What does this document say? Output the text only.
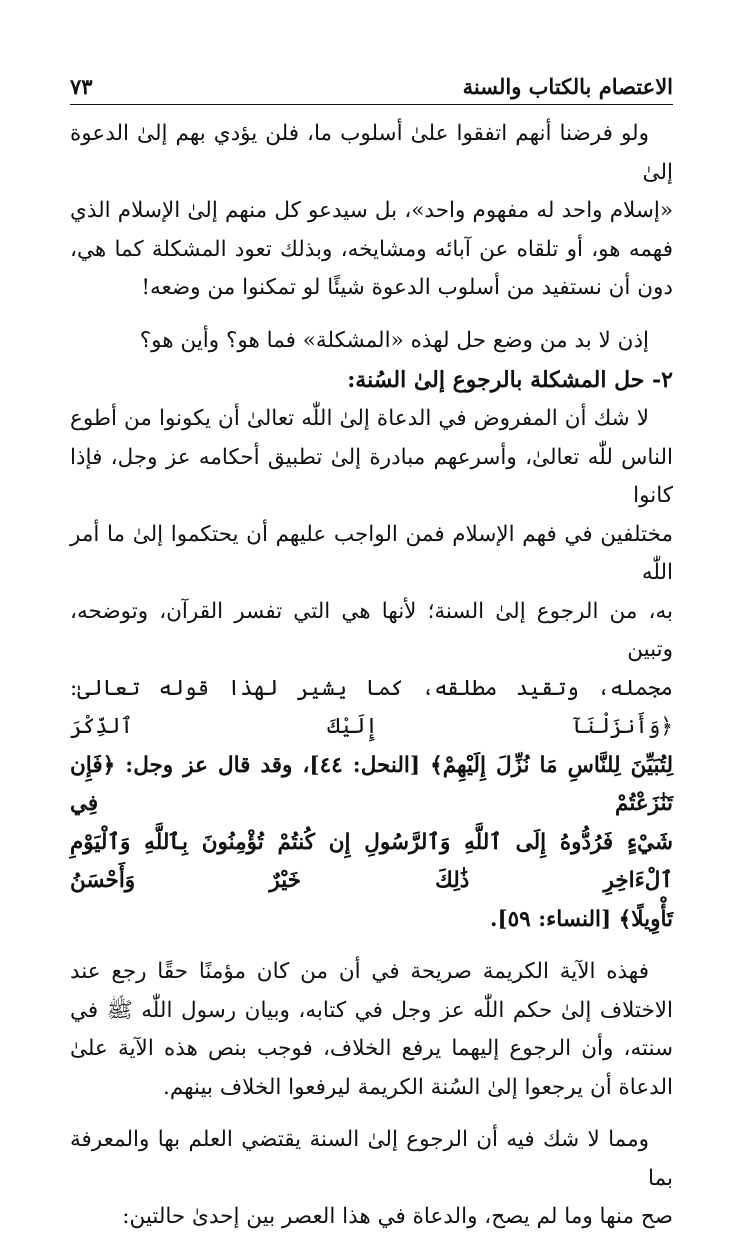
الاعتصام بالكتاب والسنة
٧٣

ولو فرضنا أنهم اتفقوا علىٰ أسلوب ما، فلن يؤدي بهم إلىٰ الدعوة إلىٰ
«إسلام واحد له مفهوم واحد»، بل سيدعو كل منهم إلىٰ الإسلام الذي
فهمه هو، أو تلقاه عن آبائه ومشايخه، وبذلك تعود المشكلة كما هي،
دون أن نستفيد من أسلوب الدعوة شيئًا لو تمكنوا من وضعه!

إذن لا بد من وضع حل لهذه «المشكلة» فما هو؟ وأين هو؟

٢- حل المشكلة بالرجوع إلىٰ السُنة:

لا شك أن المفروض في الدعاة إلىٰ اللّٰه تعالىٰ أن يكونوا من أطوع
الناس للّٰه تعالىٰ، وأسرعهم مبادرة إلىٰ تطبيق أحكامه عز وجل، فإذا كانوا
مختلفين في فهم الإسلام فمن الواجب عليهم أن يحتكموا إلىٰ ما أمر اللّٰه
به، من الرجوع إلىٰ السنة؛ لأنها هي التي تفسر القرآن، وتوضحه، وتبين
مجمله، وتقيد مطلقه، كما يشير لهذا قوله تعالىٰ: ﴿وَأَنزَلْنَآ إِلَيْكَ ٱلذِّكْرَ
لِتُبَيِّنَ لِلنَّاسِ مَا نُزِّلَ إِلَيْهِمْ﴾ [النحل: ٤٤]، وقد قال عز وجل: ﴿فَإِن تَنَٰزَعْتُمْ فِي
شَيْءٍ فَرُدُّوهُ إِلَى ٱللَّهِ وَٱلرَّسُولِ إِن كُنتُمْ تُؤْمِنُونَ بِٱللَّهِ وَٱلْيَوْمِ ٱلْءَاخِرِ ذَٰلِكَ خَيْرٌ وَأَحْسَنُ
تَأْوِيلًا﴾ [النساء: ٥٩].

فهذه الآية الكريمة صريحة في أن من كان مؤمنًا حقًا رجع عند
الاختلاف إلىٰ حكم اللّٰه عز وجل في كتابه، وبيان رسول اللّٰه ﷺ في
سنته، وأن الرجوع إليهما يرفع الخلاف، فوجب بنص هذه الآية علىٰ
الدعاة أن يرجعوا إلىٰ السُنة الكريمة ليرفعوا الخلاف بينهم.

ومما لا شك فيه أن الرجوع إلىٰ السنة يقتضي العلم بها والمعرفة بما
صح منها وما لم يصح، والدعاة في هذا العصر بين إحدىٰ حالتين:
